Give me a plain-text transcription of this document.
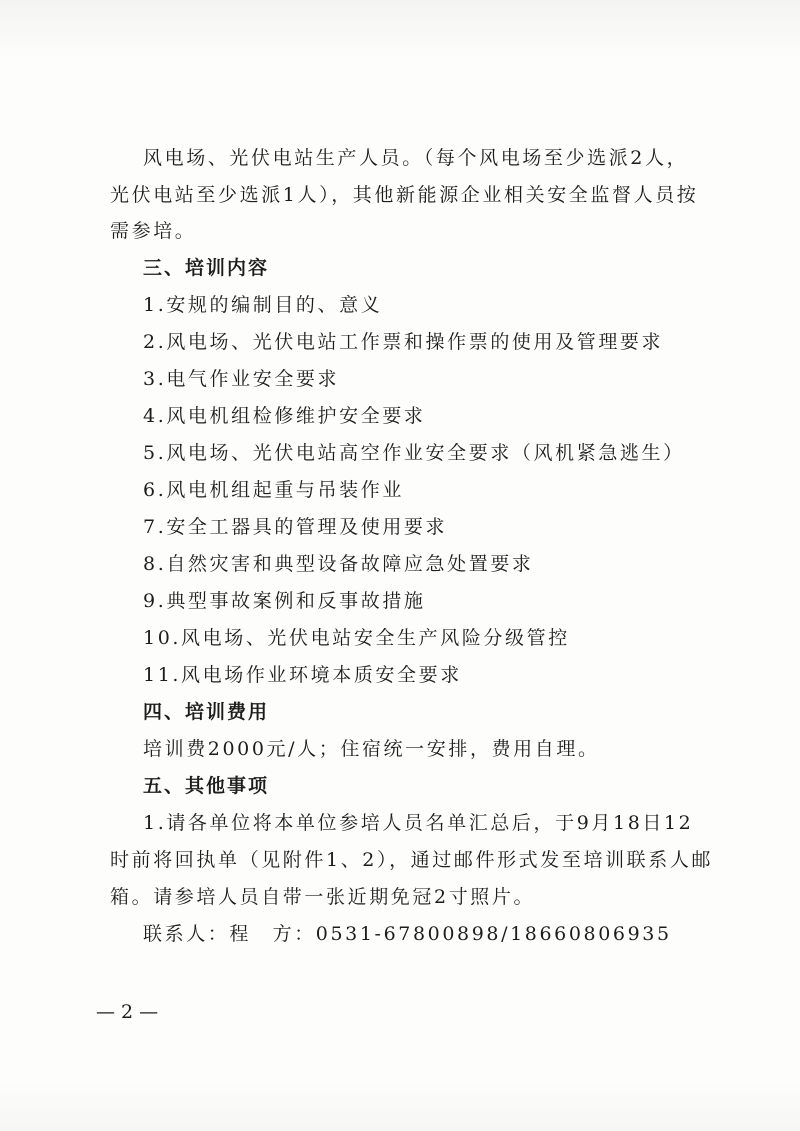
风电场、光伏电站生产人员。（每个风电场至少选派2人，
光伏电站至少选派1人），其他新能源企业相关安全监督人员按
需参培。
三、培训内容
1.安规的编制目的、意义
2.风电场、光伏电站工作票和操作票的使用及管理要求
3.电气作业安全要求
4.风电机组检修维护安全要求
5.风电场、光伏电站高空作业安全要求（风机紧急逃生）
6.风电机组起重与吊装作业
7.安全工器具的管理及使用要求
8.自然灾害和典型设备故障应急处置要求
9.典型事故案例和反事故措施
10.风电场、光伏电站安全生产风险分级管控
11.风电场作业环境本质安全要求
四、培训费用
培训费2000元/人；住宿统一安排，费用自理。
五、其他事项
1.请各单位将本单位参培人员名单汇总后，于9月18日12
时前将回执单（见附件1、2），通过邮件形式发至培训联系人邮
箱。请参培人员自带一张近期免冠2寸照片。
联系人：程　方：0531-67800898/18660806935
— 2 —
